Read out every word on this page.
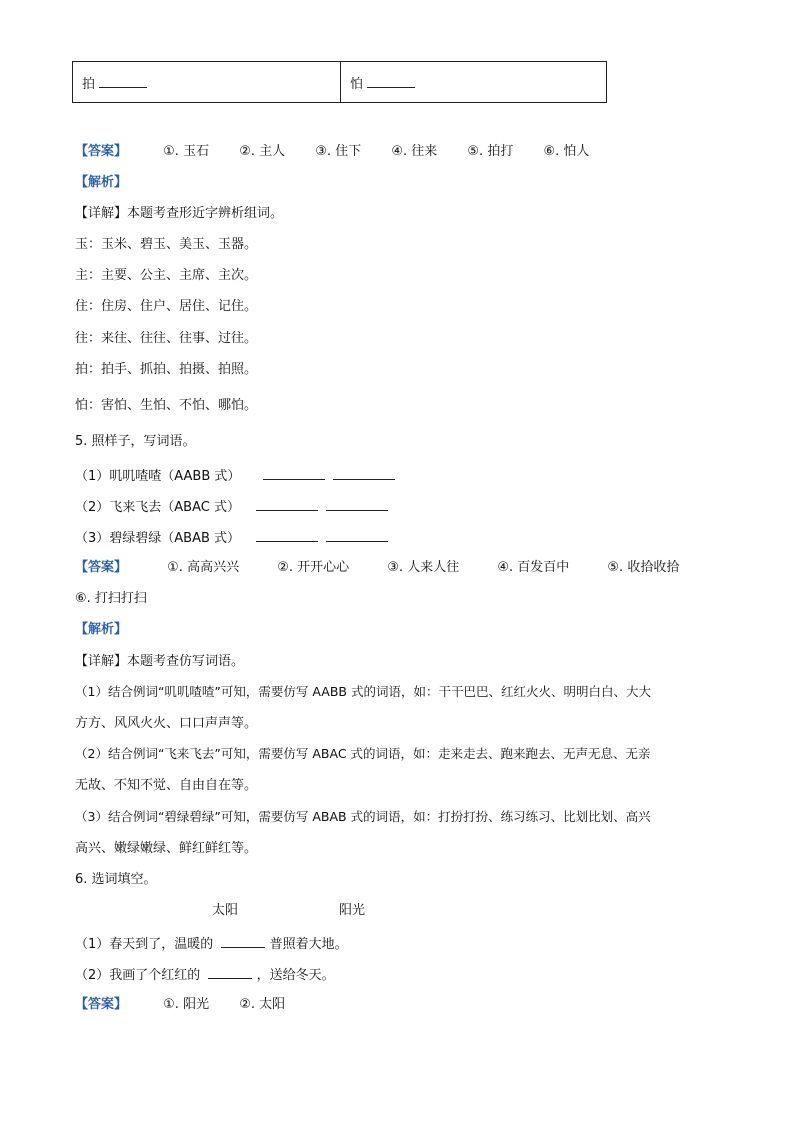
拍	怕
【答案】	①. 玉石 ②. 主人 ③. 住下 ④. 往来 ⑤. 拍打 ⑥. 怕人
【解析】
【详解】本题考查形近字辨析组词。
玉：玉米、碧玉、美玉、玉器。
主：主要、公主、主席、主次。
住：住房、住户、居住、记住。
往：来往、往往、往事、过往。
拍：拍手、抓拍、拍摄、拍照。
怕：害怕、生怕、不怕、哪怕。
5. 照样子，写词语。
（1）叽叽喳喳（AABB 式）
（2）飞来飞去（ABAC 式）
（3）碧绿碧绿（ABAB 式）
【答案】	①. 高高兴兴	②. 开开心心	③. 人来人往	④. 百发百中	⑤. 收拾收拾
⑥. 打扫打扫
【解析】
【详解】本题考查仿写词语。
（1）结合例词“叽叽喳喳”可知，需要仿写 AABB 式的词语，如：干干巴巴、红红火火、明明白白、大大
方方、风风火火、口口声声等。
（2）结合例词“飞来飞去”可知，需要仿写 ABAC 式的词语，如：走来走去、跑来跑去、无声无息、无亲
无故、不知不觉、自由自在等。
（3）结合例词“碧绿碧绿”可知，需要仿写 ABAB 式的词语，如：打扮打扮、练习练习、比划比划、高兴
高兴、嫩绿嫩绿、鲜红鲜红等。
6. 选词填空。
太阳	阳光
（1）春天到了，温暖的	普照着大地。
（2）我画了个红红的	，送给冬天。
【答案】	①. 阳光 ②. 太阳
